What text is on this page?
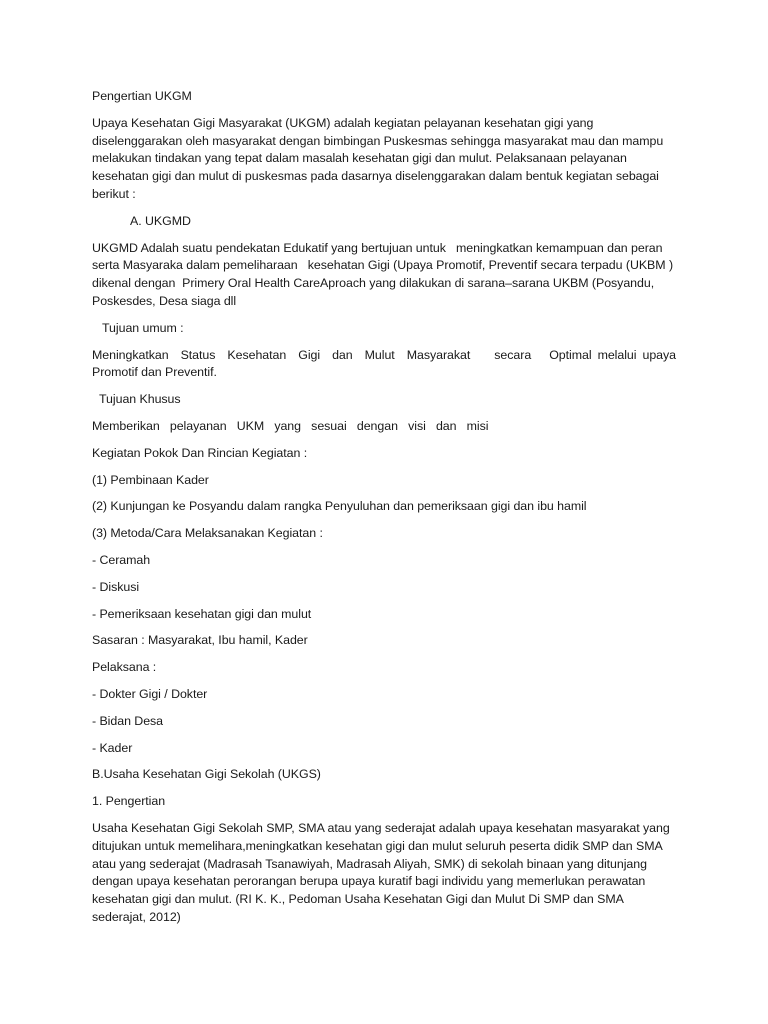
Pengertian UKGM

Upaya Kesehatan Gigi Masyarakat (UKGM) adalah kegiatan pelayanan kesehatan gigi yang diselenggarakan oleh masyarakat dengan bimbingan Puskesmas sehingga masyarakat mau dan mampu melakukan tindakan yang tepat dalam masalah kesehatan gigi dan mulut. Pelaksanaan pelayanan kesehatan gigi dan mulut di puskesmas pada dasarnya diselenggarakan dalam bentuk kegiatan sebagai berikut :

A. UKGMD

UKGMD Adalah suatu pendekatan Edukatif yang bertujuan untuk   meningkatkan kemampuan dan peran serta Masyaraka dalam pemeliharaan   kesehatan Gigi (Upaya Promotif, Preventif secara terpadu (UKBM ) dikenal dengan  Primery Oral Health CareAproach yang dilakukan di sarana–sarana UKBM (Posyandu, Poskesdes, Desa siaga dll

Tujuan umum :

Meningkatkan  Status  Kesehatan  Gigi  dan  Mulut  Masyarakat    secara   Optimal melalui upaya

Promotif dan Preventif.

Tujuan Khusus

Memberikan   pelayanan   UKM   yang   sesuai   dengan   visi   dan   misi

Kegiatan Pokok Dan Rincian Kegiatan :

(1) Pembinaan Kader

(2) Kunjungan ke Posyandu dalam rangka Penyuluhan dan pemeriksaan gigi dan ibu hamil

(3) Metoda/Cara Melaksanakan Kegiatan :

- Ceramah

- Diskusi

- Pemeriksaan kesehatan gigi dan mulut

Sasaran : Masyarakat, Ibu hamil, Kader

Pelaksana :

- Dokter Gigi / Dokter

- Bidan Desa

- Kader

B.Usaha Kesehatan Gigi Sekolah (UKGS)

1. Pengertian

Usaha Kesehatan Gigi Sekolah SMP, SMA atau yang sederajat adalah upaya kesehatan masyarakat yang ditujukan untuk memelihara,meningkatkan kesehatan gigi dan mulut seluruh peserta didik SMP dan SMA atau yang sederajat (Madrasah Tsanawiyah, Madrasah Aliyah, SMK) di sekolah binaan yang ditunjang dengan upaya kesehatan perorangan berupa upaya kuratif bagi individu yang memerlukan perawatan kesehatan gigi dan mulut. (RI K. K., Pedoman Usaha Kesehatan Gigi dan Mulut Di SMP dan SMA sederajat, 2012)
